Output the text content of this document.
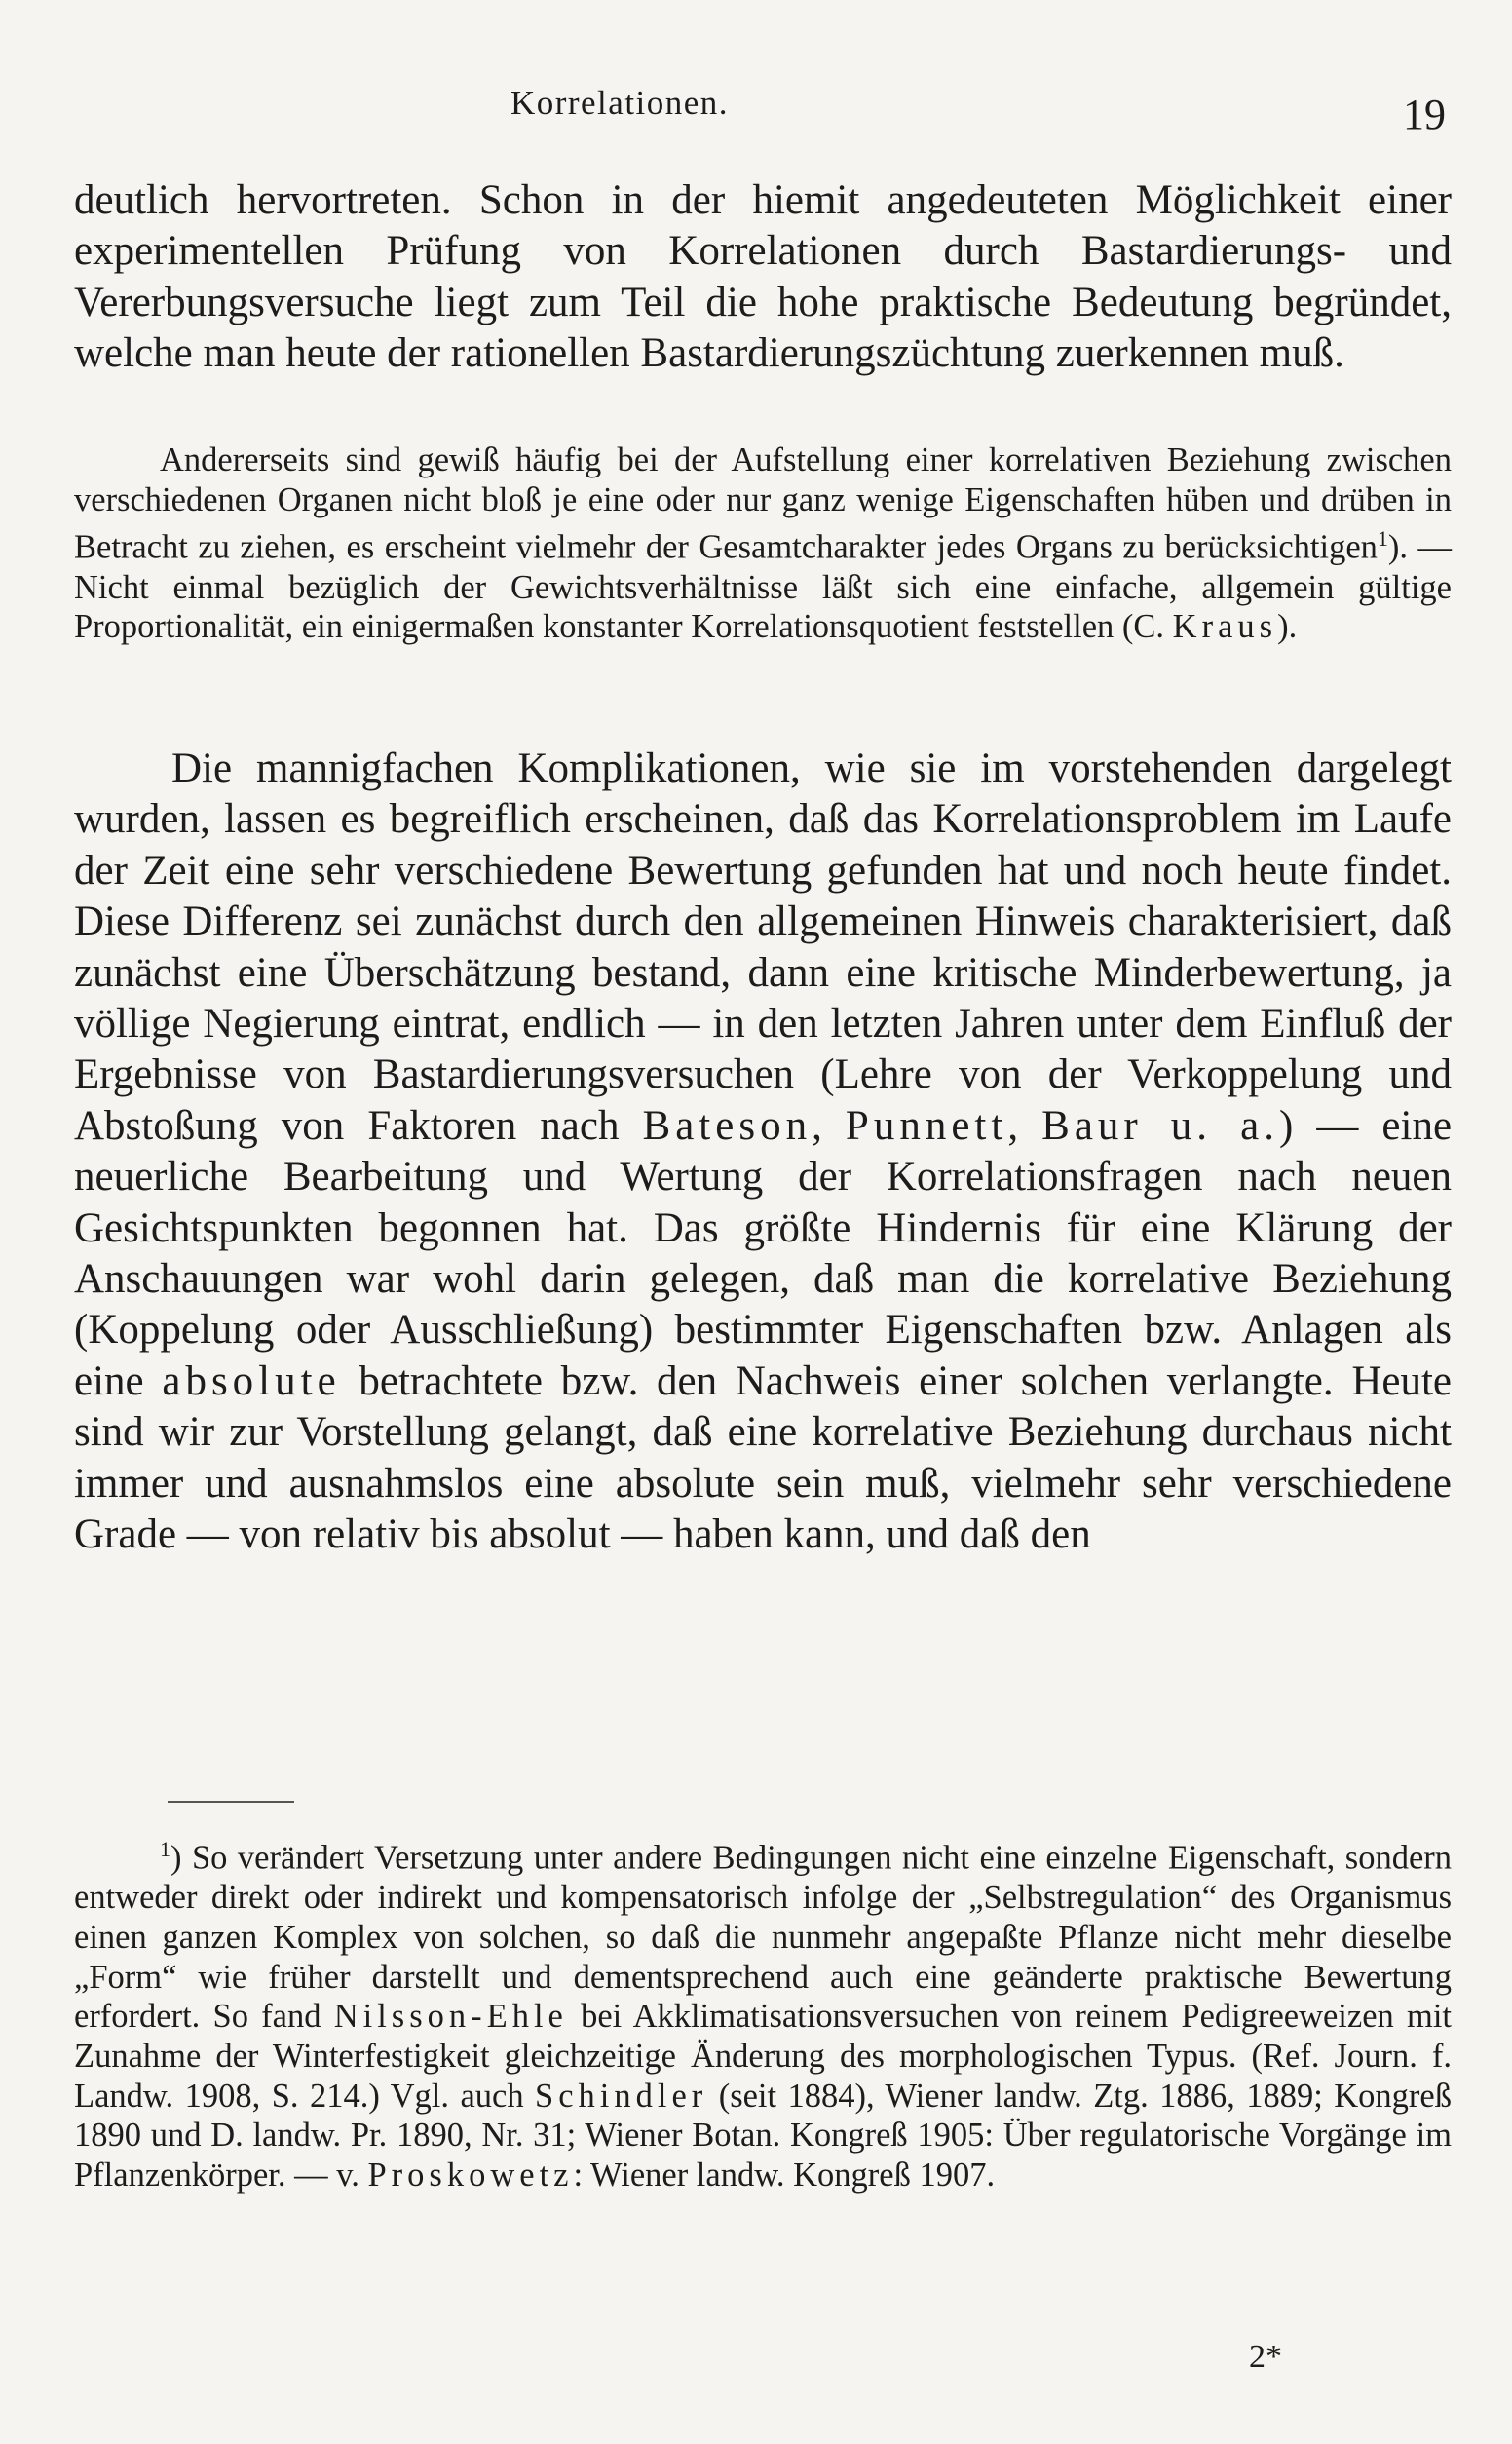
Korrelationen.	19

deutlich hervortreten. Schon in der hiemit angedeuteten Möglichkeit einer experimentellen Prüfung von Korrelationen durch Bastardierungs- und Vererbungsversuche liegt zum Teil die hohe praktische Bedeutung begründet, welche man heute der rationellen Bastardierungszüchtung zuerkennen muß.

Andererseits sind gewiß häufig bei der Aufstellung einer korrelativen Beziehung zwischen verschiedenen Organen nicht bloß je eine oder nur ganz wenige Eigenschaften hüben und drüben in Betracht zu ziehen, es erscheint vielmehr der Gesamtcharakter jedes Organs zu berücksichtigen$^1$). — Nicht einmal bezüglich der Gewichtsverhältnisse läßt sich eine einfache, allgemein gültige Proportionalität, ein einigermaßen konstanter Korrelationsquotient feststellen (C. Kraus).

Die mannigfachen Komplikationen, wie sie im vorstehenden dargelegt wurden, lassen es begreiflich erscheinen, daß das Korrelationsproblem im Laufe der Zeit eine sehr verschiedene Bewertung gefunden hat und noch heute findet. Diese Differenz sei zunächst durch den allgemeinen Hinweis charakterisiert, daß zunächst eine Überschätzung bestand, dann eine kritische Minderbewertung, ja völlige Negierung eintrat, endlich — in den letzten Jahren unter dem Einfluß der Ergebnisse von Bastardierungsversuchen (Lehre von der Verkoppelung und Abstoßung von Faktoren nach Bateson, Punnett, Baur u. a.) — eine neuerliche Bearbeitung und Wertung der Korrelationsfragen nach neuen Gesichtspunkten begonnen hat. Das größte Hindernis für eine Klärung der Anschauungen war wohl darin gelegen, daß man die korrelative Beziehung (Koppelung oder Ausschließung) bestimmter Eigenschaften bzw. Anlagen als eine absolute betrachtete bzw. den Nachweis einer solchen verlangte. Heute sind wir zur Vorstellung gelangt, daß eine korrelative Beziehung durchaus nicht immer und ausnahmslos eine absolute sein muß, vielmehr sehr verschiedene Grade — von relativ bis absolut — haben kann, und daß den

$^1$) So verändert Versetzung unter andere Bedingungen nicht eine einzelne Eigenschaft, sondern entweder direkt oder indirekt und kompensatorisch infolge der „Selbstregulation“ des Organismus einen ganzen Komplex von solchen, so daß die nunmehr angepaßte Pflanze nicht mehr dieselbe „Form“ wie früher darstellt und dementsprechend auch eine geänderte praktische Bewertung erfordert. So fand Nilsson-Ehle bei Akklimatisationsversuchen von reinem Pedigreeweizen mit Zunahme der Winterfestigkeit gleichzeitige Änderung des morphologischen Typus. (Ref. Journ. f. Landw. 1908, S. 214.) Vgl. auch Schindler (seit 1884), Wiener landw. Ztg. 1886, 1889; Kongreß 1890 und D. landw. Pr. 1890, Nr. 31; Wiener Botan. Kongreß 1905: Über regulatorische Vorgänge im Pflanzenkörper. — v. Proskowetz: Wiener landw. Kongreß 1907.

2*
